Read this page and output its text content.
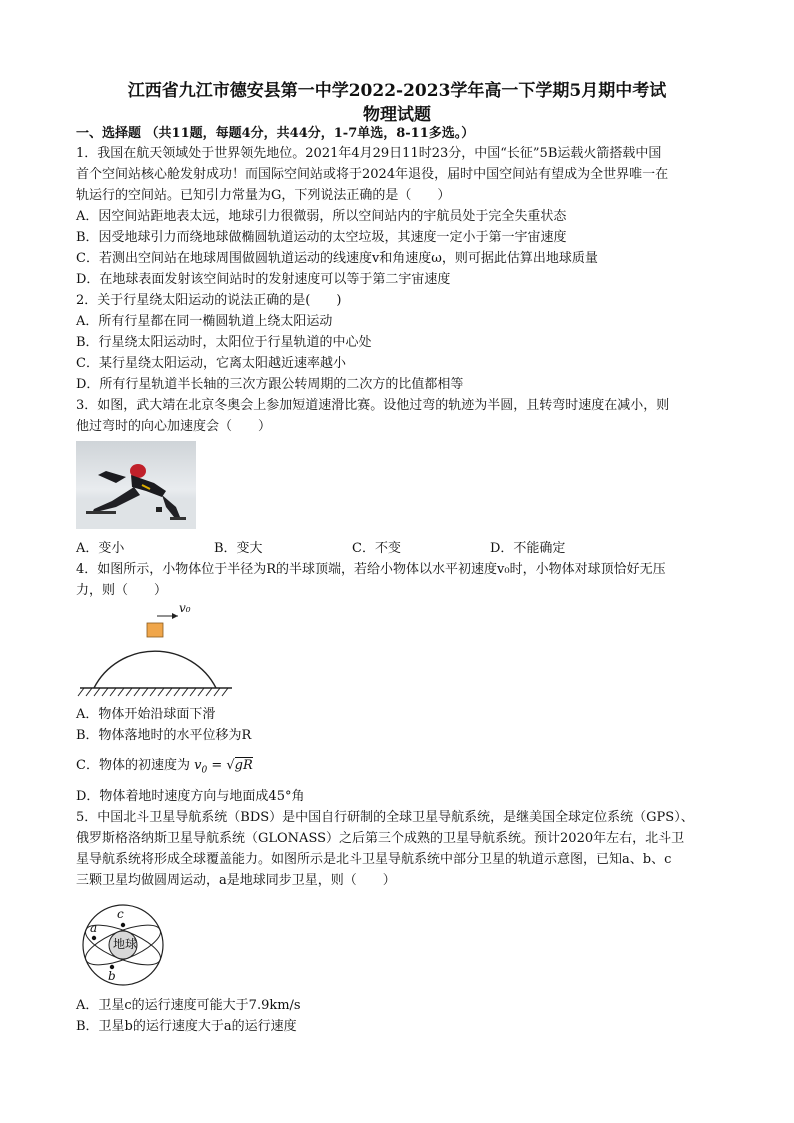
江西省九江市德安县第一中学2022-2023学年高一下学期5月期中考试
物理试题
一、选择题 （共11题，每题4分，共44分，1-7单选，8-11多选。）
1．我国在航天领域处于世界领先地位。2021年4月29日11时23分，中国“长征”5B运载火箭搭载中国
首个空间站核心舱发射成功！而国际空间站或将于2024年退役，届时中国空间站有望成为全世界唯一在
轨运行的空间站。已知引力常量为G，下列说法正确的是（　　）
A．因空间站距地表太远，地球引力很微弱，所以空间站内的宇航员处于完全失重状态
B．因受地球引力而绕地球做椭圆轨道运动的太空垃圾，其速度一定小于第一宇宙速度
C．若测出空间站在地球周围做圆轨道运动的线速度v和角速度ω，则可据此估算出地球质量
D．在地球表面发射该空间站时的发射速度可以等于第二宇宙速度
2．关于行星绕太阳运动的说法正确的是(　　)
A．所有行星都在同一椭圆轨道上绕太阳运动
B．行星绕太阳运动时，太阳位于行星轨道的中心处
C．某行星绕太阳运动，它离太阳越近速率越小
D．所有行星轨道半长轴的三次方跟公转周期的二次方的比值都相等
3．如图，武大靖在北京冬奥会上参加短道速滑比赛。设他过弯的轨迹为半圆，且转弯时速度在减小，则
他过弯时的向心加速度会（　　）
A．变小	B．变大	C．不变	D．不能确定
4．如图所示，小物体位于半径为R的半球顶端，若给小物体以水平初速度v₀时，小物体对球顶恰好无压
力，则（　　）
v₀
A．物体开始沿球面下滑
B．物体落地时的水平位移为R
C．物体的初速度为 $v_0 = √gR$
D．物体着地时速度方向与地面成45°角
5．中国北斗卫星导航系统（BDS）是中国自行研制的全球卫星导航系统，是继美国全球定位系统（GPS）、
俄罗斯格洛纳斯卫星导航系统（GLONASS）之后第三个成熟的卫星导航系统。预计2020年左右，北斗卫
星导航系统将形成全球覆盖能力。如图所示是北斗卫星导航系统中部分卫星的轨道示意图，已知a、b、c
三颗卫星均做圆周运动，a是地球同步卫星，则（　　）
地球
a
c
b
A．卫星c的运行速度可能大于7.9km/s
B．卫星b的运行速度大于a的运行速度
